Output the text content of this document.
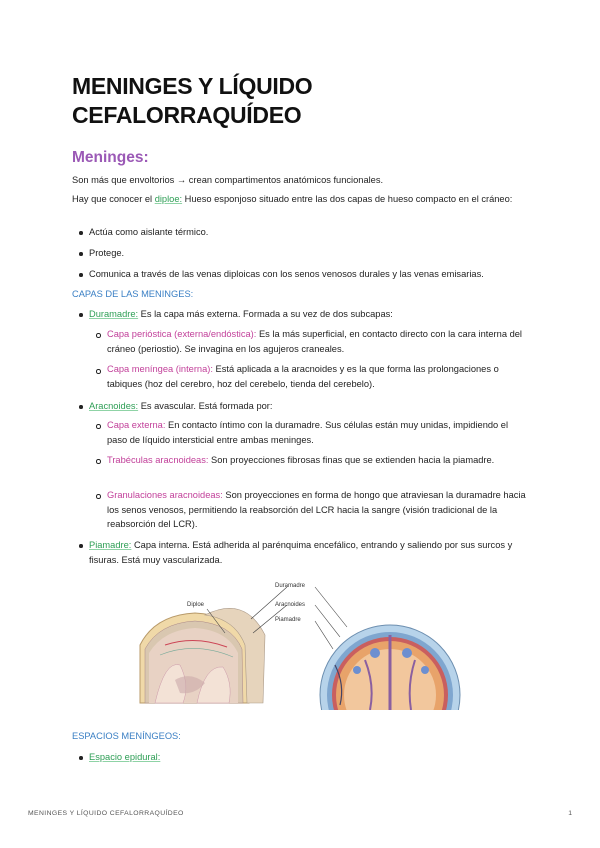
MENINGES Y LÍQUIDO CEFALORRAQUÍDEO
Meninges:

Son más que envoltorios → crean compartimentos anatómicos funcionales.

Hay que conocer el diploe: Hueso esponjoso situado entre las dos capas de hueso compacto en el cráneo:

Actúa como aislante térmico.

Protege.

Comunica a través de las venas diploicas con los senos venosos durales y las venas emisarias.

CAPAS DE LAS MENINGES:

Duramadre: Es la capa más externa. Formada a su vez de dos subcapas:

Capa perióstica (externa/endóstica): Es la más superficial, en contacto directo con la cara interna del cráneo (periostio). Se invagina en los agujeros craneales.

Capa meníngea (interna): Está aplicada a la aracnoides y es la que forma las prolongaciones o tabiques (hoz del cerebro, hoz del cerebelo, tienda del cerebelo).

Aracnoides: Es avascular. Está formada por:

Capa externa: En contacto íntimo con la duramadre. Sus células están muy unidas, impidiendo el paso de líquido intersticial entre ambas meninges.

Trabéculas aracnoideas: Son proyecciones fibrosas finas que se extienden hacia la piamadre.

Granulaciones aracnoideas: Son proyecciones en forma de hongo que atraviesan la duramadre hacia los senos venosos, permitiendo la reabsorción del LCR hacia la sangre (visión tradicional de la reabsorción del LCR).

Piamadre: Capa interna. Está adherida al parénquima encefálico, entrando y saliendo por sus surcos y fisuras. Está muy vascularizada.

Diploe
Duramadre
Aracnoides
Piamadre

ESPACIOS MENÍNGEOS:

Espacio epidural:

MENINGES Y LÍQUIDO CEFALORRAQUÍDEO	1
